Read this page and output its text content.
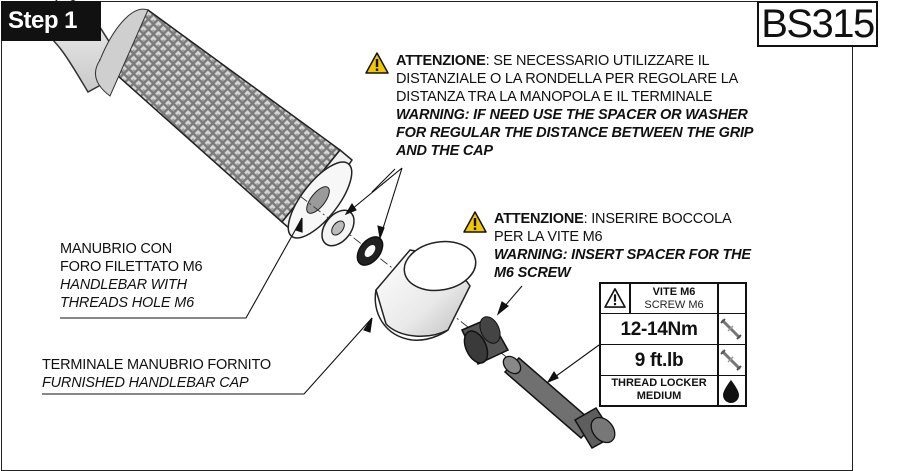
Step 1	BS315
ATTENZIONE: SE NECESSARIO UTILIZZARE IL
DISTANZIALE O LA RONDELLA PER REGOLARE LA
DISTANZA TRA LA MANOPOLA E IL TERMINALE
WARNING: IF NEED USE THE SPACER OR WASHER
FOR REGULAR THE DISTANCE BETWEEN THE GRIP
AND THE CAP
ATTENZIONE: INSERIRE BOCCOLA
PER LA VITE M6
WARNING: INSERT SPACER FOR THE
M6 SCREW
MANUBRIO CON
FORO FILETTATO M6
HANDLEBAR WITH
THREADS HOLE M6
TERMINALE MANUBRIO FORNITO
FURNISHED HANDLEBAR CAP
VITE M6
SCREW M6
12-14Nm
9 ft.lb
THREAD LOCKER
MEDIUM
